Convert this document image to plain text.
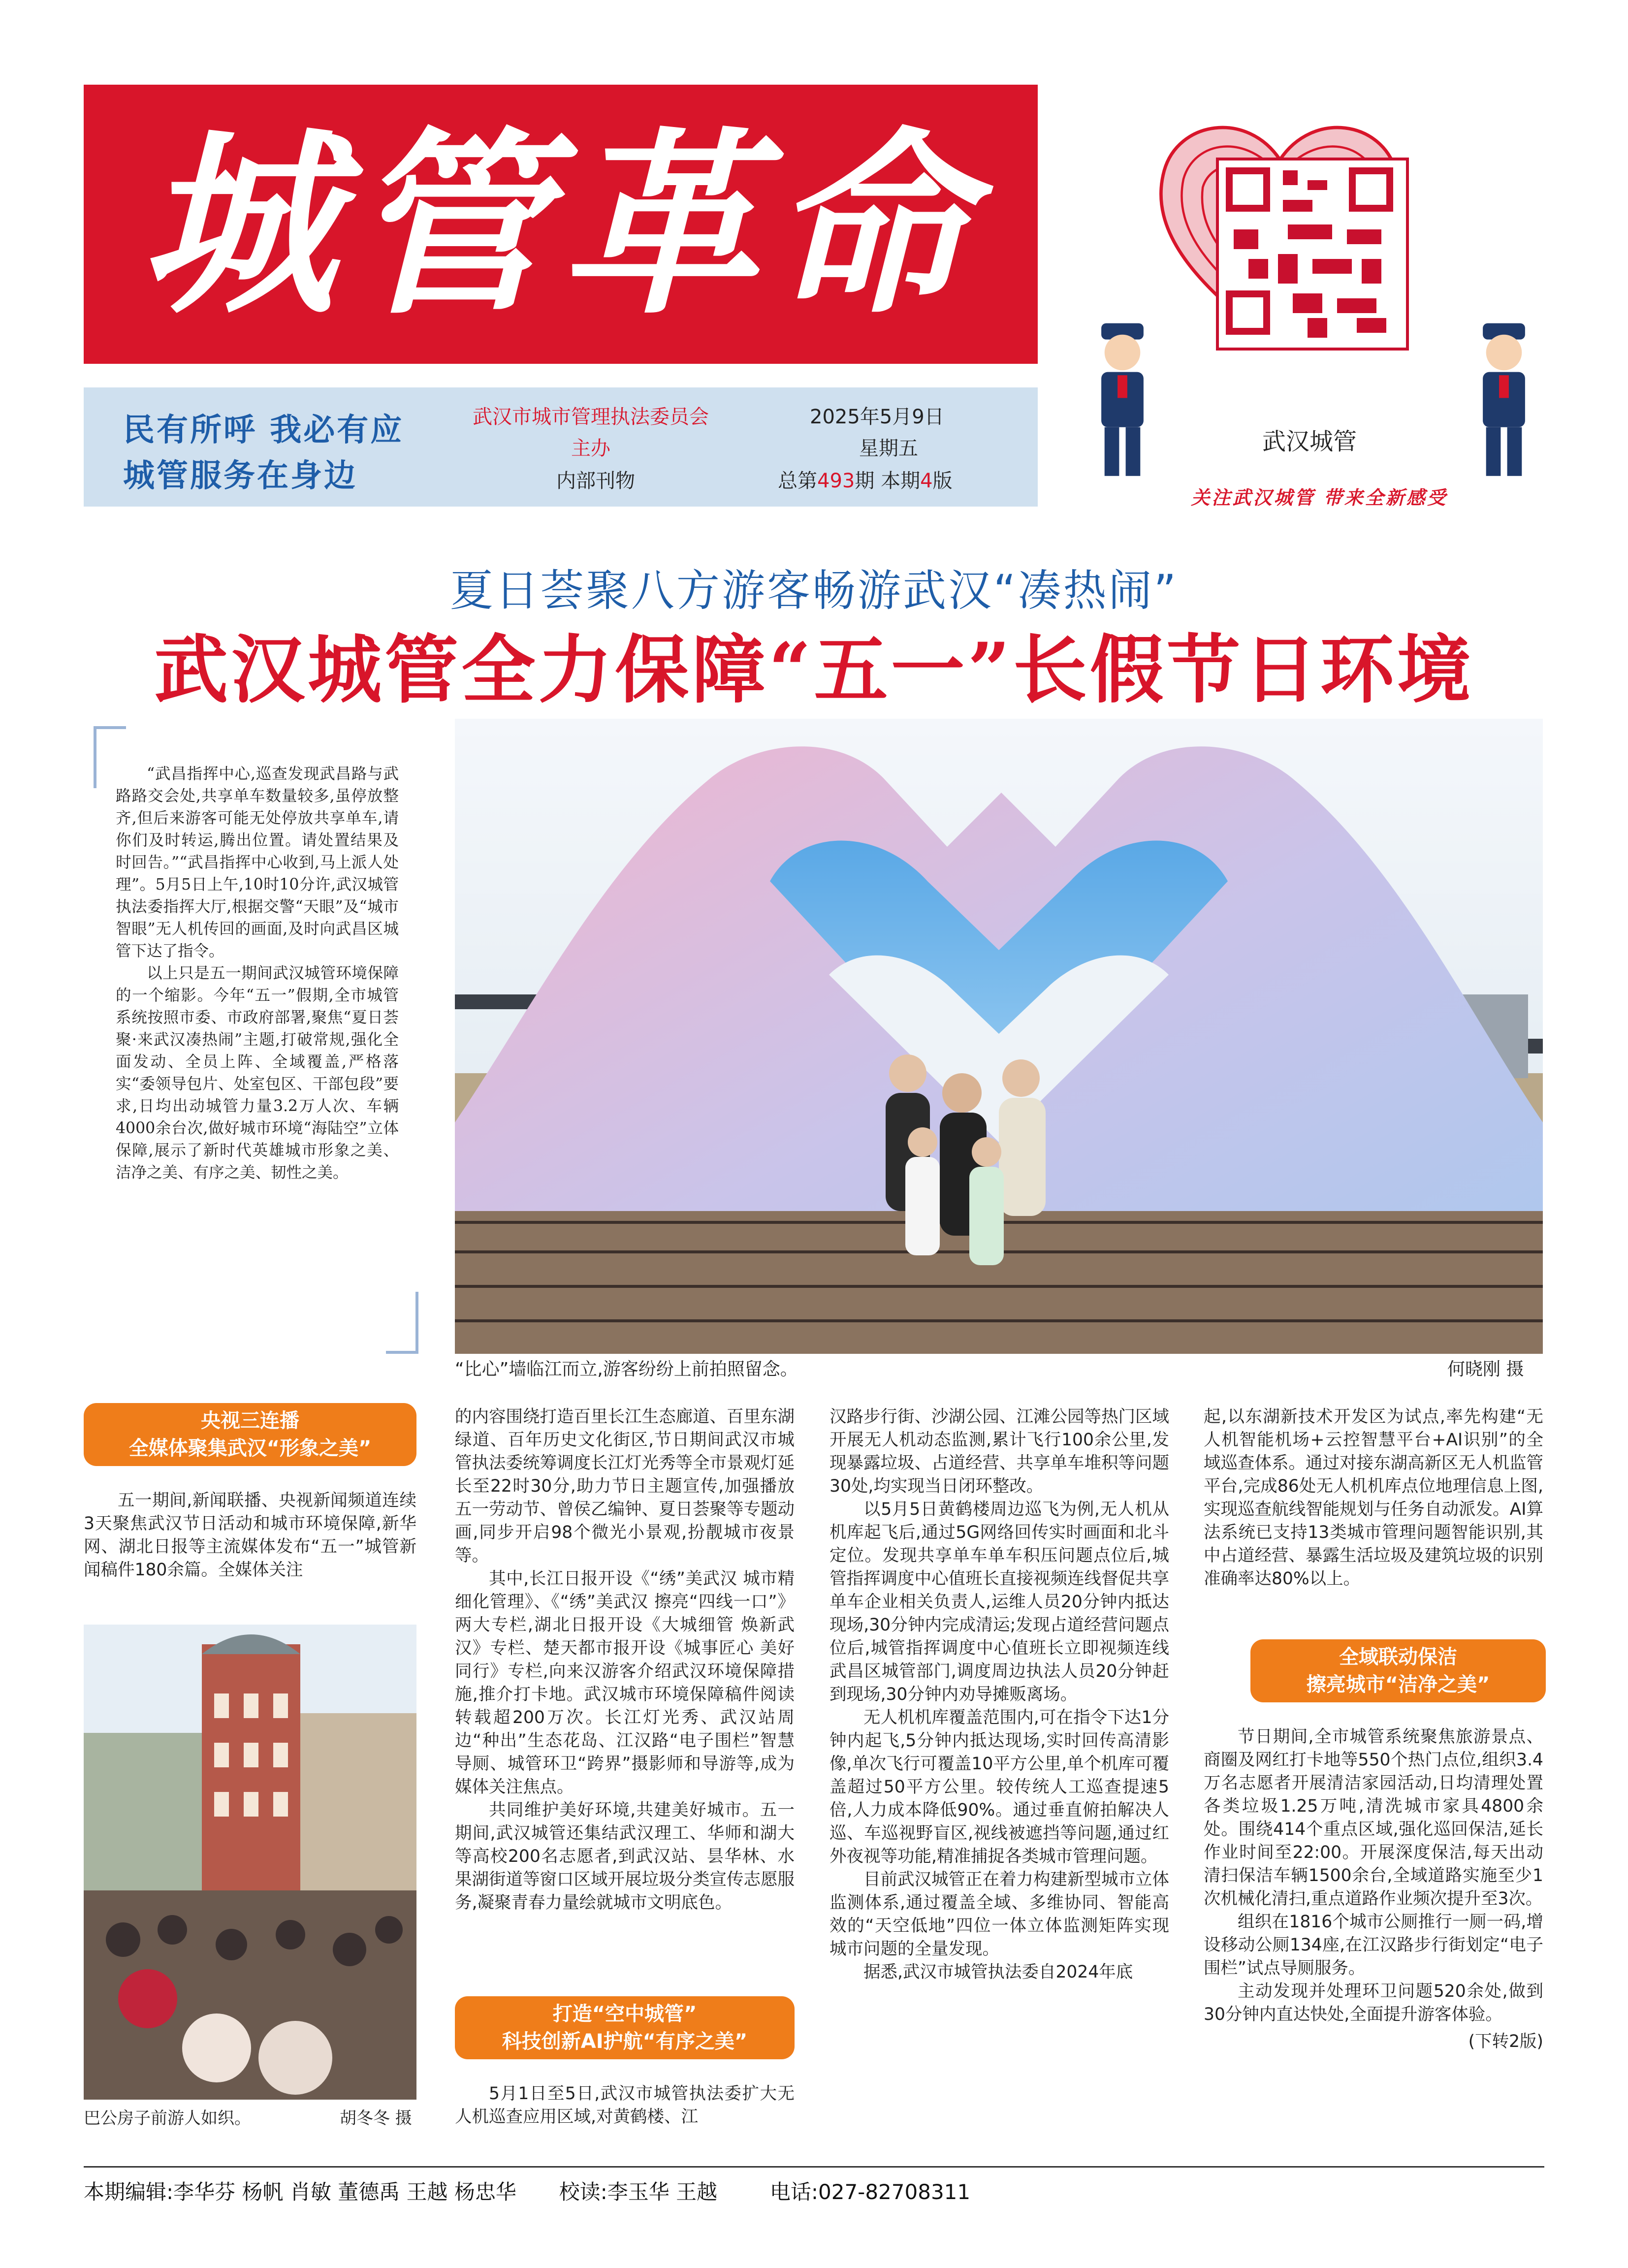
城管革命
民有所呼 我必有应
城管服务在身边
武汉市城市管理执法委员会
主办
内部刊物
2025年5月9日
星期五
总第493期 本期4版
武汉城管
关注武汉城管 带来全新感受
夏日荟聚八方游客畅游武汉“凑热闹”
武汉城管全力保障“五一”长假节日环境

“武昌指挥中心,巡查发现武昌路与武路路交会处,共享单车数量较多,虽停放整齐,但后来游客可能无处停放共享单车,请你们及时转运,腾出位置。请处置结果及时回告。”“武昌指挥中心收到,马上派人处理”。5月5日上午,10时10分许,武汉城管执法委指挥大厅,根据交警“天眼”及“城市智眼”无人机传回的画面,及时向武昌区城管下达了指令。

以上只是五一期间武汉城管环境保障的一个缩影。今年“五一”假期,全市城管系统按照市委、市政府部署,聚焦“夏日荟聚·来武汉凑热闹”主题,打破常规,强化全面发动、全员上阵、全域覆盖,严格落实“委领导包片、处室包区、干部包段”要求,日均出动城管力量3.2万人次、车辆4000余台次,做好城市环境“海陆空”立体保障,展示了新时代英雄城市形象之美、洁净之美、有序之美、韧性之美。

“比心”墙临江而立,游客纷纷上前拍照留念。	何晓刚 摄
央视三连播
全媒体聚集武汉“形象之美”

五一期间,新闻联播、央视新闻频道连续3天聚焦武汉节日活动和城市环境保障,新华网、湖北日报等主流媒体发布“五一”城管新闻稿件180余篇。全媒体关注

巴公房子前游人如织。	胡冬冬 摄

的内容围绕打造百里长江生态廊道、百里东湖绿道、百年历史文化街区,节日期间武汉市城管执法委统筹调度长江灯光秀等全市景观灯延长至22时30分,助力节日主题宣传,加强播放五一劳动节、曾侯乙编钟、夏日荟聚等专题动画,同步开启98个微光小景观,扮靓城市夜景等。

其中,长江日报开设《“绣”美武汉 城市精细化管理》、《“绣”美武汉 擦亮“四线一口”》两大专栏,湖北日报开设《大城细管 焕新武汉》专栏、楚天都市报开设《城事匠心 美好同行》专栏,向来汉游客介绍武汉环境保障措施,推介打卡地。武汉城市环境保障稿件阅读转载超200万次。长江灯光秀、武汉站周边“种出”生态花岛、江汉路“电子围栏”智慧导厕、城管环卫“跨界”摄影师和导游等,成为媒体关注焦点。

共同维护美好环境,共建美好城市。五一期间,武汉城管还集结武汉理工、华师和湖大等高校200名志愿者,到武汉站、昙华林、水果湖街道等窗口区域开展垃圾分类宣传志愿服务,凝聚青春力量绘就城市文明底色。

打造“空中城管”
科技创新AI护航“有序之美”

5月1日至5日,武汉市城管执法委扩大无人机巡查应用区域,对黄鹤楼、江

汉路步行街、沙湖公园、江滩公园等热门区域开展无人机动态监测,累计飞行100余公里,发现暴露垃圾、占道经营、共享单车堆积等问题30处,均实现当日闭环整改。

以5月5日黄鹤楼周边巡飞为例,无人机从机库起飞后,通过5G网络回传实时画面和北斗定位。发现共享单车单车积压问题点位后,城管指挥调度中心值班长直接视频连线督促共享单车企业相关负责人,运维人员20分钟内抵达现场,30分钟内完成清运;发现占道经营问题点位后,城管指挥调度中心值班长立即视频连线武昌区城管部门,调度周边执法人员20分钟赶到现场,30分钟内劝导摊贩离场。

无人机机库覆盖范围内,可在指令下达1分钟内起飞,5分钟内抵达现场,实时回传高清影像,单次飞行可覆盖10平方公里,单个机库可覆盖超过50平方公里。较传统人工巡查提速5倍,人力成本降低90%。通过垂直俯拍解决人巡、车巡视野盲区,视线被遮挡等问题,通过红外夜视等功能,精准捕捉各类城市管理问题。

目前武汉城管正在着力构建新型城市立体监测体系,通过覆盖全域、多维协同、智能高效的“天空低地”四位一体立体监测矩阵实现城市问题的全量发现。

据悉,武汉市城管执法委自2024年底

起,以东湖新技术开发区为试点,率先构建“无人机智能机场+云控智慧平台+AI识别”的全域巡查体系。通过对接东湖高新区无人机监管平台,完成86处无人机机库点位地理信息上图,实现巡查航线智能规划与任务自动派发。AI算法系统已支持13类城市管理问题智能识别,其中占道经营、暴露生活垃圾及建筑垃圾的识别准确率达80%以上。

全域联动保洁
擦亮城市“洁净之美”

节日期间,全市城管系统聚焦旅游景点、商圈及网红打卡地等550个热门点位,组织3.4万名志愿者开展清洁家园活动,日均清理处置各类垃圾1.25万吨,清洗城市家具4800余处。围绕414个重点区域,强化巡回保洁,延长作业时间至22:00。开展深度保洁,每天出动清扫保洁车辆1500余台,全域道路实施至少1次机械化清扫,重点道路作业频次提升至3次。

组织在1816个城市公厕推行一厕一码,增设移动公厕134座,在江汉路步行街划定“电子围栏”试点导厕服务。

主动发现并处理环卫问题520余处,做到30分钟内直达快处,全面提升游客体验。

(下转2版)

本期编辑:李华芬 杨帆 肖敏 董德禹 王越 杨忠华 校读:李玉华 王越	电话:027-82708311
